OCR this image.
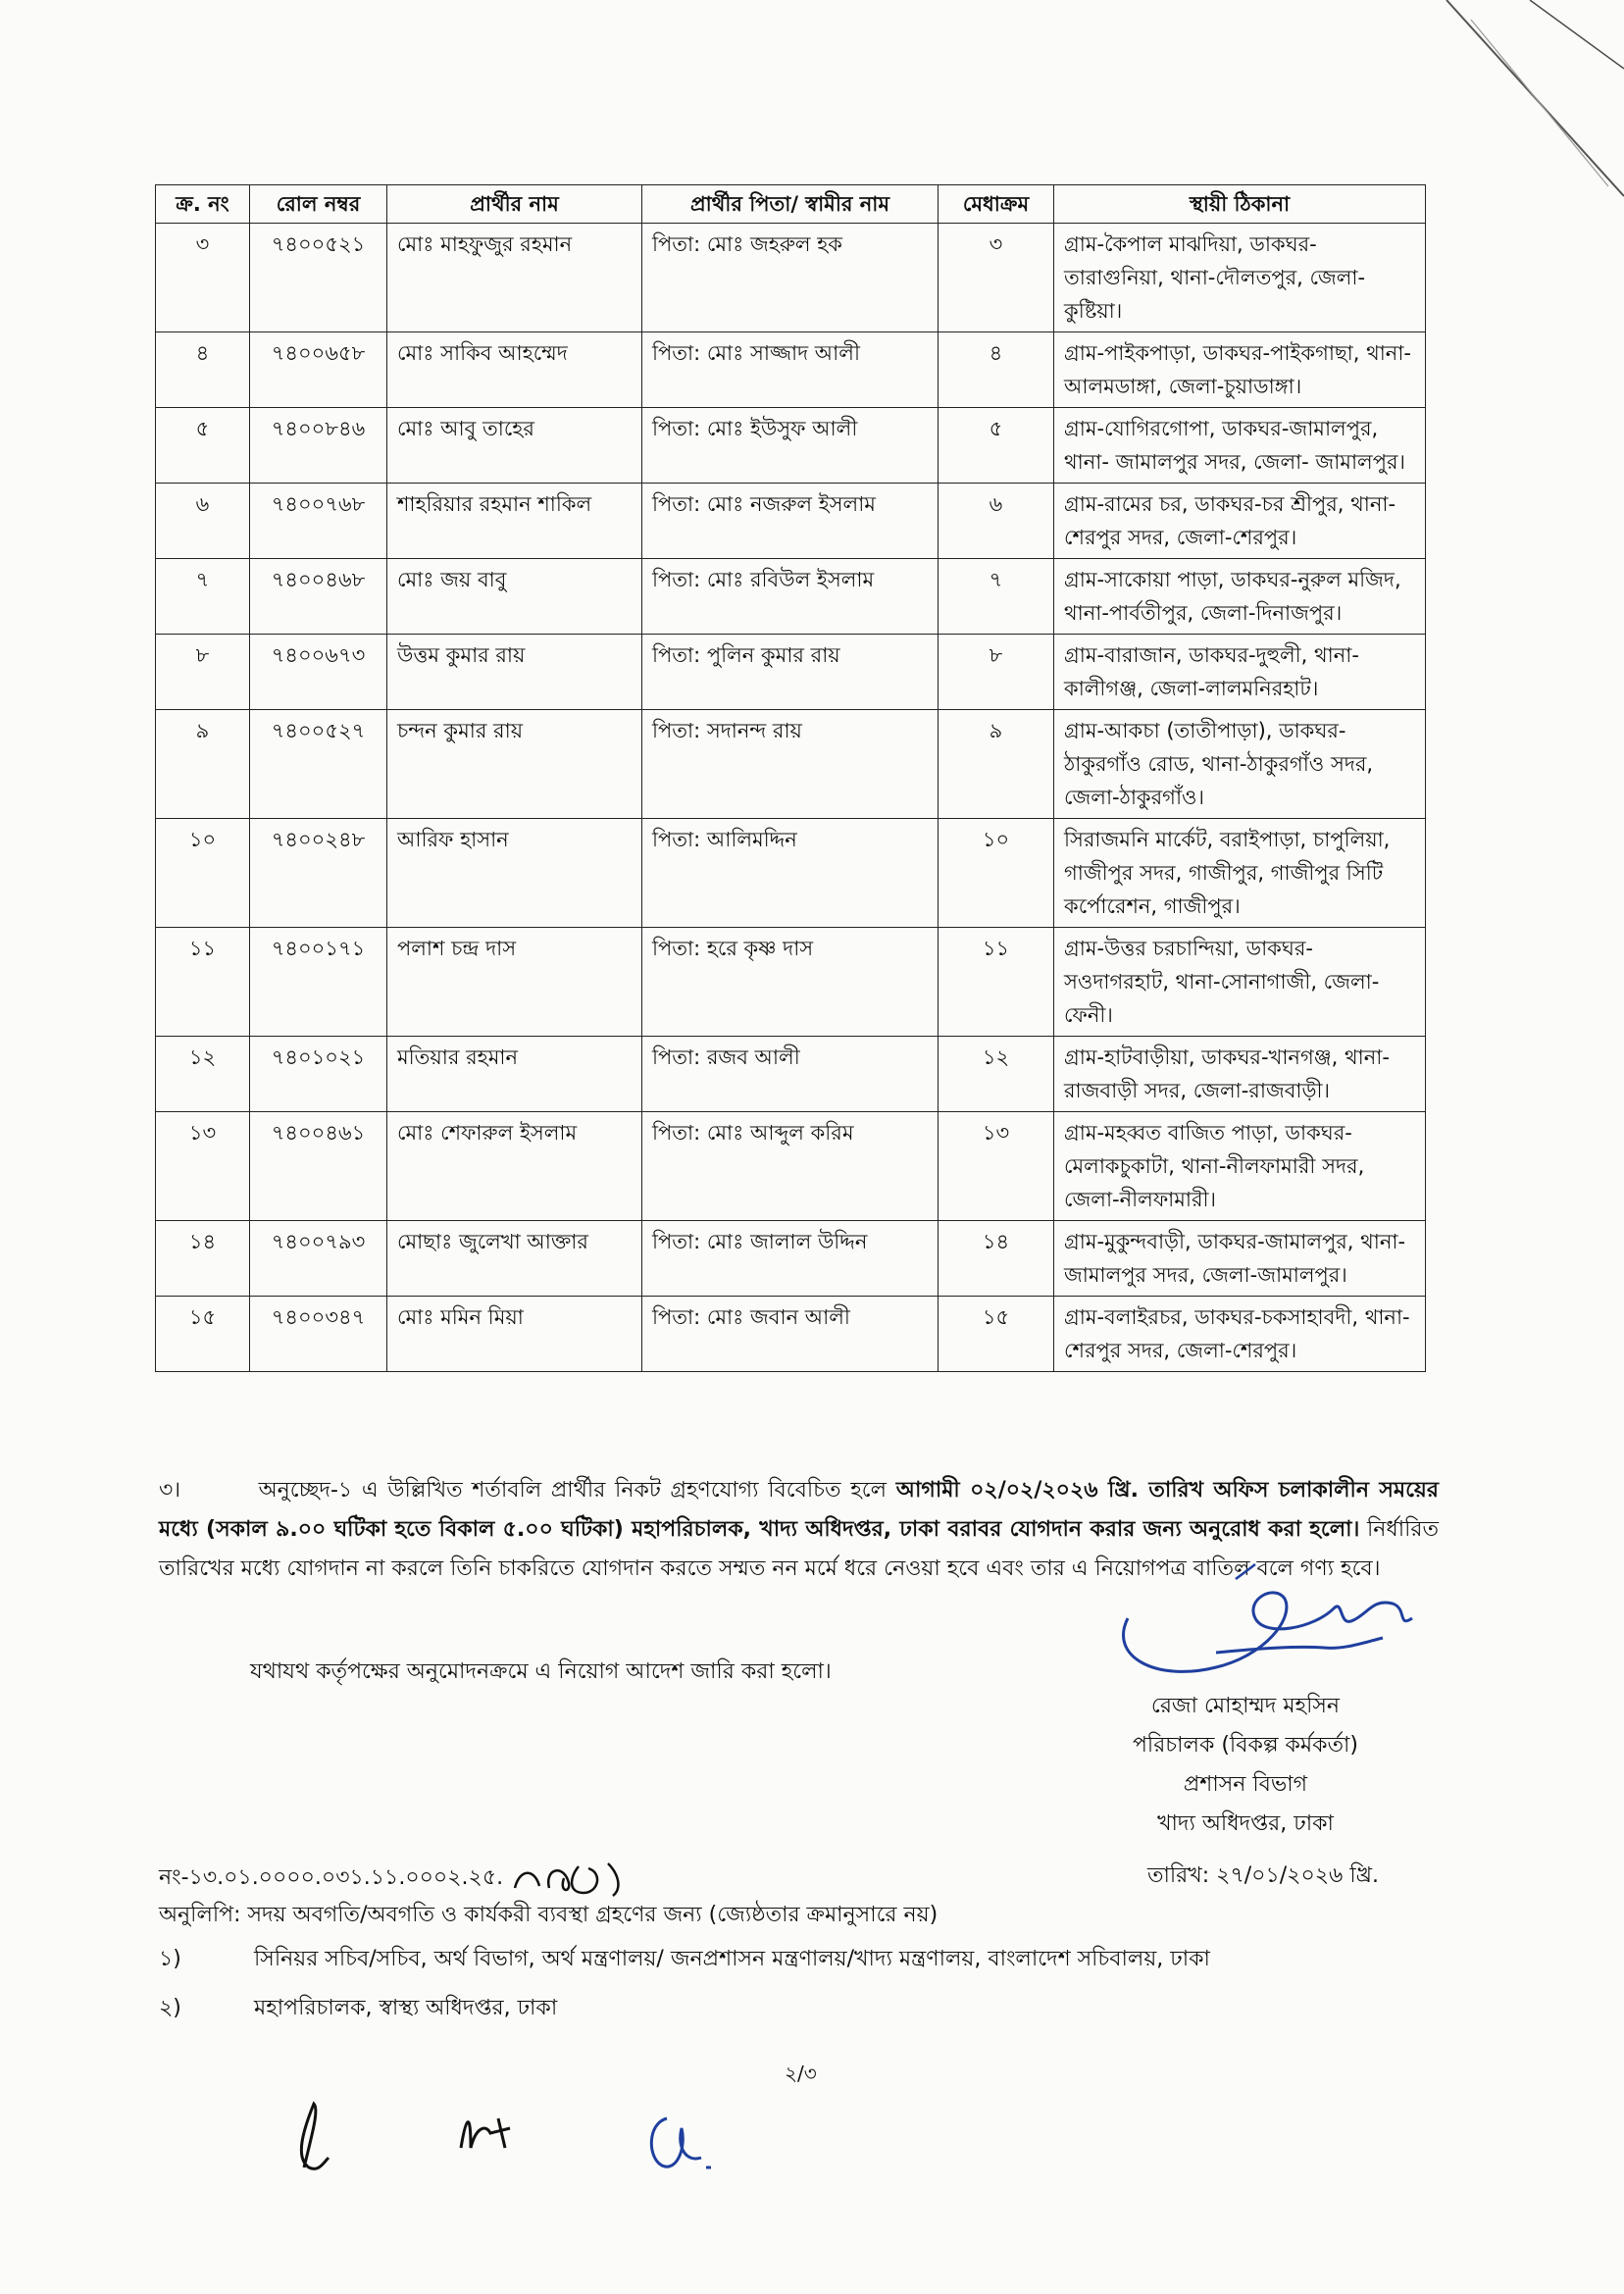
ক্র. নং	রোল নম্বর	প্রার্থীর নাম	প্রার্থীর পিতা/ স্বামীর নাম	মেধাক্রম	স্থায়ী ঠিকানা
৩	৭৪০০৫২১	মোঃ মাহফুজুর রহমান	পিতা: মোঃ জহরুল হক	৩	গ্রাম-কৈপাল মাঝদিয়া, ডাকঘর-তারাগুনিয়া, থানা-দৌলতপুর, জেলা-কুষ্টিয়া।
৪	৭৪০০৬৫৮	মোঃ সাকিব আহম্মেদ	পিতা: মোঃ সাজ্জাদ আলী	৪	গ্রাম-পাইকপাড়া, ডাকঘর-পাইকগাছা, থানা-আলমডাঙ্গা, জেলা-চুয়াডাঙ্গা।
৫	৭৪০০৮৪৬	মোঃ আবু তাহের	পিতা: মোঃ ইউসুফ আলী	৫	গ্রাম-যোগিরগোপা, ডাকঘর-জামালপুর, থানা- জামালপুর সদর, জেলা- জামালপুর।
৬	৭৪০০৭৬৮	শাহরিয়ার রহমান শাকিল	পিতা: মোঃ নজরুল ইসলাম	৬	গ্রাম-রামের চর, ডাকঘর-চর শ্রীপুর, থানা-শেরপুর সদর, জেলা-শেরপুর।
৭	৭৪০০৪৬৮	মোঃ জয় বাবু	পিতা: মোঃ রবিউল ইসলাম	৭	গ্রাম-সাকোয়া পাড়া, ডাকঘর-নুরুল মজিদ, থানা-পার্বতীপুর, জেলা-দিনাজপুর।
৮	৭৪০০৬৭৩	উত্তম কুমার রায়	পিতা: পুলিন কুমার রায়	৮	গ্রাম-বারাজান, ডাকঘর-দুহুলী, থানা-কালীগঞ্জ, জেলা-লালমনিরহাট।
৯	৭৪০০৫২৭	চন্দন কুমার রায়	পিতা: সদানন্দ রায়	৯	গ্রাম-আকচা (তাতীপাড়া), ডাকঘর-ঠাকুরগাঁও রোড, থানা-ঠাকুরগাঁও সদর, জেলা-ঠাকুরগাঁও।
১০	৭৪০০২৪৮	আরিফ হাসান	পিতা: আলিমদ্দিন	১০	সিরাজমনি মার্কেট, বরাইপাড়া, চাপুলিয়া, গাজীপুর সদর, গাজীপুর, গাজীপুর সিটি কর্পোরেশন, গাজীপুর।
১১	৭৪০০১৭১	পলাশ চন্দ্র দাস	পিতা: হরে কৃষ্ণ দাস	১১	গ্রাম-উত্তর চরচান্দিয়া, ডাকঘর-সওদাগরহাট, থানা-সোনাগাজী, জেলা-ফেনী।
১২	৭৪০১০২১	মতিয়ার রহমান	পিতা: রজব আলী	১২	গ্রাম-হাটবাড়ীয়া, ডাকঘর-খানগঞ্জ, থানা-রাজবাড়ী সদর, জেলা-রাজবাড়ী।
১৩	৭৪০০৪৬১	মোঃ শেফারুল ইসলাম	পিতা: মোঃ আব্দুল করিম	১৩	গ্রাম-মহব্বত বাজিত পাড়া, ডাকঘর-মেলাকচুকাটা, থানা-নীলফামারী সদর, জেলা-নীলফামারী।
১৪	৭৪০০৭৯৩	মোছাঃ জুলেখা আক্তার	পিতা: মোঃ জালাল উদ্দিন	১৪	গ্রাম-মুকুন্দবাড়ী, ডাকঘর-জামালপুর, থানা-জামালপুর সদর, জেলা-জামালপুর।
১৫	৭৪০০৩৪৭	মোঃ মমিন মিয়া	পিতা: মোঃ জবান আলী	১৫	গ্রাম-বলাইরচর, ডাকঘর-চকসাহাবদী, থানা-শেরপুর সদর, জেলা-শেরপুর।
৩।	অনুচ্ছেদ-১ এ উল্লিখিত শর্তাবলি প্রার্থীর নিকট গ্রহণযোগ্য বিবেচিত হলে আগামী ০২/০২/২০২৬ খ্রি. তারিখ অফিস চলাকালীন সময়ের মধ্যে (সকাল ৯.০০ ঘটিকা হতে বিকাল ৫.০০ ঘটিকা) মহাপরিচালক, খাদ্য অধিদপ্তর, ঢাকা বরাবর যোগদান করার জন্য অনুরোধ করা হলো। নির্ধারিত তারিখের মধ্যে যোগদান না করলে তিনি চাকরিতে যোগদান করতে সম্মত নন মর্মে ধরে নেওয়া হবে এবং তার এ নিয়োগপত্র বাতিল বলে গণ্য হবে।
যথাযথ কর্তৃপক্ষের অনুমোদনক্রমে এ নিয়োগ আদেশ জারি করা হলো।
রেজা মোহাম্মদ মহসিন
পরিচালক (বিকল্প কর্মকর্তা)
প্রশাসন বিভাগ
খাদ্য অধিদপ্তর, ঢাকা
নং-১৩.০১.০০০০.০৩১.১১.০০০২.২৫.	তারিখ: ২৭/০১/২০২৬ খ্রি.
অনুলিপি: সদয় অবগতি/অবগতি ও কার্যকরী ব্যবস্থা গ্রহণের জন্য (জ্যেষ্ঠতার ক্রমানুসারে নয়)
১)	সিনিয়র সচিব/সচিব, অর্থ বিভাগ, অর্থ মন্ত্রণালয়/ জনপ্রশাসন মন্ত্রণালয়/খাদ্য মন্ত্রণালয়, বাংলাদেশ সচিবালয়, ঢাকা
২)	মহাপরিচালক, স্বাস্থ্য অধিদপ্তর, ঢাকা
২/৩
